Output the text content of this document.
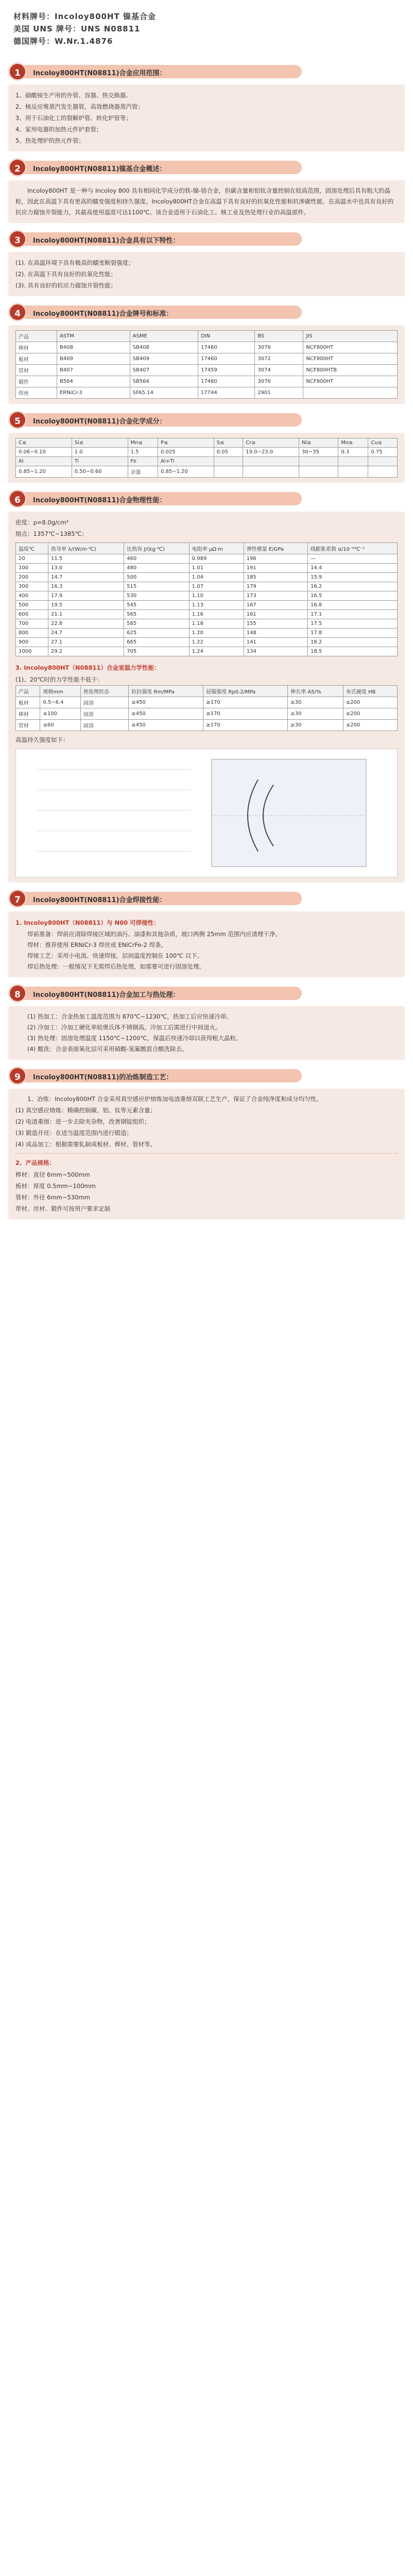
材料牌号：Incoloy800HT 镍基合金
美国 UNS 牌号：UNS N08811
德国牌号：W.Nr.1.4876
1	Incoloy800HT(N08811)合金应用范围：
1、硝酸铵生产用的外管、容器、热交换器、
2、核反应堆蒸汽发生器管，高效燃烧器蒸汽管；
3、用于石油化工的裂解炉管、转化炉管等；
4、家用电器的加热元件护套管；
5、热处理炉的热元件管；
2	Incoloy800HT(N08811)镍基合金概述：
Incoloy800HT 是一种与 Incoloy 800 具有相同化学成分的铁-镍-铬合金，但碳含量和铝钛含量控制在较高范围，固溶处理后具有粗大的晶粒，因此在高温下具有更高的蠕变强度和持久强度。Incoloy800HT合金在高温下具有良好的抗氧化性能和抗渗碳性能，在高温水中也具有良好的抗应力腐蚀开裂能力，其最高使用温度可达1100℃。该合金适用于石油化工、核工业及热处理行业的高温部件。
3	Incoloy800HT(N08811)合金具有以下特性：
(1). 在高温环境下具有极高的蠕变断裂强度；
(2). 在高温下具有良好的抗氧化性能；
(3). 具有良好的抗应力腐蚀开裂性能；
4	Incoloy800HT(N08811)合金牌号和标准：
产品	ASTM	ASME	DIN	BS	JIS
棒材	B408	SB408	17460	3076	NCF800HT
板材	B409	SB409	17460	3072	NCF800HT
管材	B407	SB407	17459	3074	NCF800HTB
锻件	B564	SB564	17460	3076	NCF800HT
焊丝	ERNiCr-3	SFA5.14	17744	2901	
5	Incoloy800HT(N08811)合金化学成分：
C≤	Si≤	Mn≤	P≤	S≤	Cr≥	Ni≥	Mo≥	Cu≤
0.06~0.10	1.0	1.5	0.025	0.05	19.0~23.0	30~35	0.3	0.75
Al	Ti	Fe	Al+Ti					
0.85~1.20	0.50~0.60	余量	0.85~1.20					
6	Incoloy800HT(N08811)合金物理性能：
密度：ρ=8.0g/cm³
熔点：1357℃~1385℃；
温度℃	热导率 λ/(W/m·℃)	比热容 J/(kg·℃)	电阻率 μΩ·m	弹性模量 E/GPa	线膨胀系数 α/10⁻⁶℃⁻¹
20	11.5	460	0.989	196	—
100	13.0	480	1.01	191	14.4
200	14.7	500	1.04	185	15.9
300	16.3	515	1.07	179	16.2
400	17.9	530	1.10	173	16.5
500	19.5	545	1.13	167	16.8
600	21.1	565	1.16	161	17.1
700	22.8	585	1.18	155	17.5
800	24.7	625	1.20	148	17.8
900	27.1	665	1.22	141	18.2
1000	29.2	705	1.24	134	18.5
3. Incoloy800HT（N08811）合金室温力学性能：
(1)、20℃时的力学性能不低于：
产品	规格mm	热处理状态	抗拉强度 Rm/MPa	屈服强度 Rp0.2/MPa	伸长率 A5/%	布氏硬度 HB
板材	0.5~6.4	固溶	≥450	≥170	≥30	≤200
棒材	≤100	固溶	≥450	≥170	≥30	≤200
管材	≤60	固溶	≥450	≥170	≥30	≤200
高温持久强度如下：
7	Incoloy800HT(N08811)合金焊接性能：
1. Incoloy800HT（N08811）与 N00 可焊接性：
焊前准备：焊前应清除焊接区域的油污、油漆和其他杂质，坡口两侧 25mm 范围内应清理干净。
焊材：推荐使用 ERNiCr-3 焊丝或 ENiCrFe-2 焊条。
焊接工艺：采用小电流、快速焊接，层间温度控制在 100℃ 以下。
焊后热处理：一般情况下无需焊后热处理，如需要可进行固溶处理。
8	Incoloy800HT(N08811)合金加工与热处理：
(1) 热加工：合金热加工温度范围为 870℃~1230℃，热加工后应快速冷却。
(2) 冷加工：冷加工硬化率较奥氏体不锈钢高，冷加工后需进行中间退火。
(3) 热处理：固溶处理温度 1150℃~1200℃，保温后快速冷却以获得粗大晶粒。
(4) 酸洗：合金表面氧化层可采用硝酸-氢氟酸混合酸洗除去。
9	Incoloy800HT(N08811)的冶炼制造工艺：
1、冶炼：Incoloy800HT 合金采用真空感应炉熔炼加电渣重熔双联工艺生产，保证了合金纯净度和成分均匀性。
(1) 真空感应熔炼：精确控制碳、铝、钛等元素含量；
(2) 电渣重熔：进一步去除夹杂物，改善钢锭组织；
(3) 锻造开坯：在适当温度范围内进行锻造；
(4) 成品加工：根据需要轧制成板材、棒材、管材等。
2、产品规格：
棒材：直径 6mm~500mm
板材：厚度 0.5mm~100mm
管材：外径 6mm~530mm
带材、丝材、锻件可按用户要求定制
